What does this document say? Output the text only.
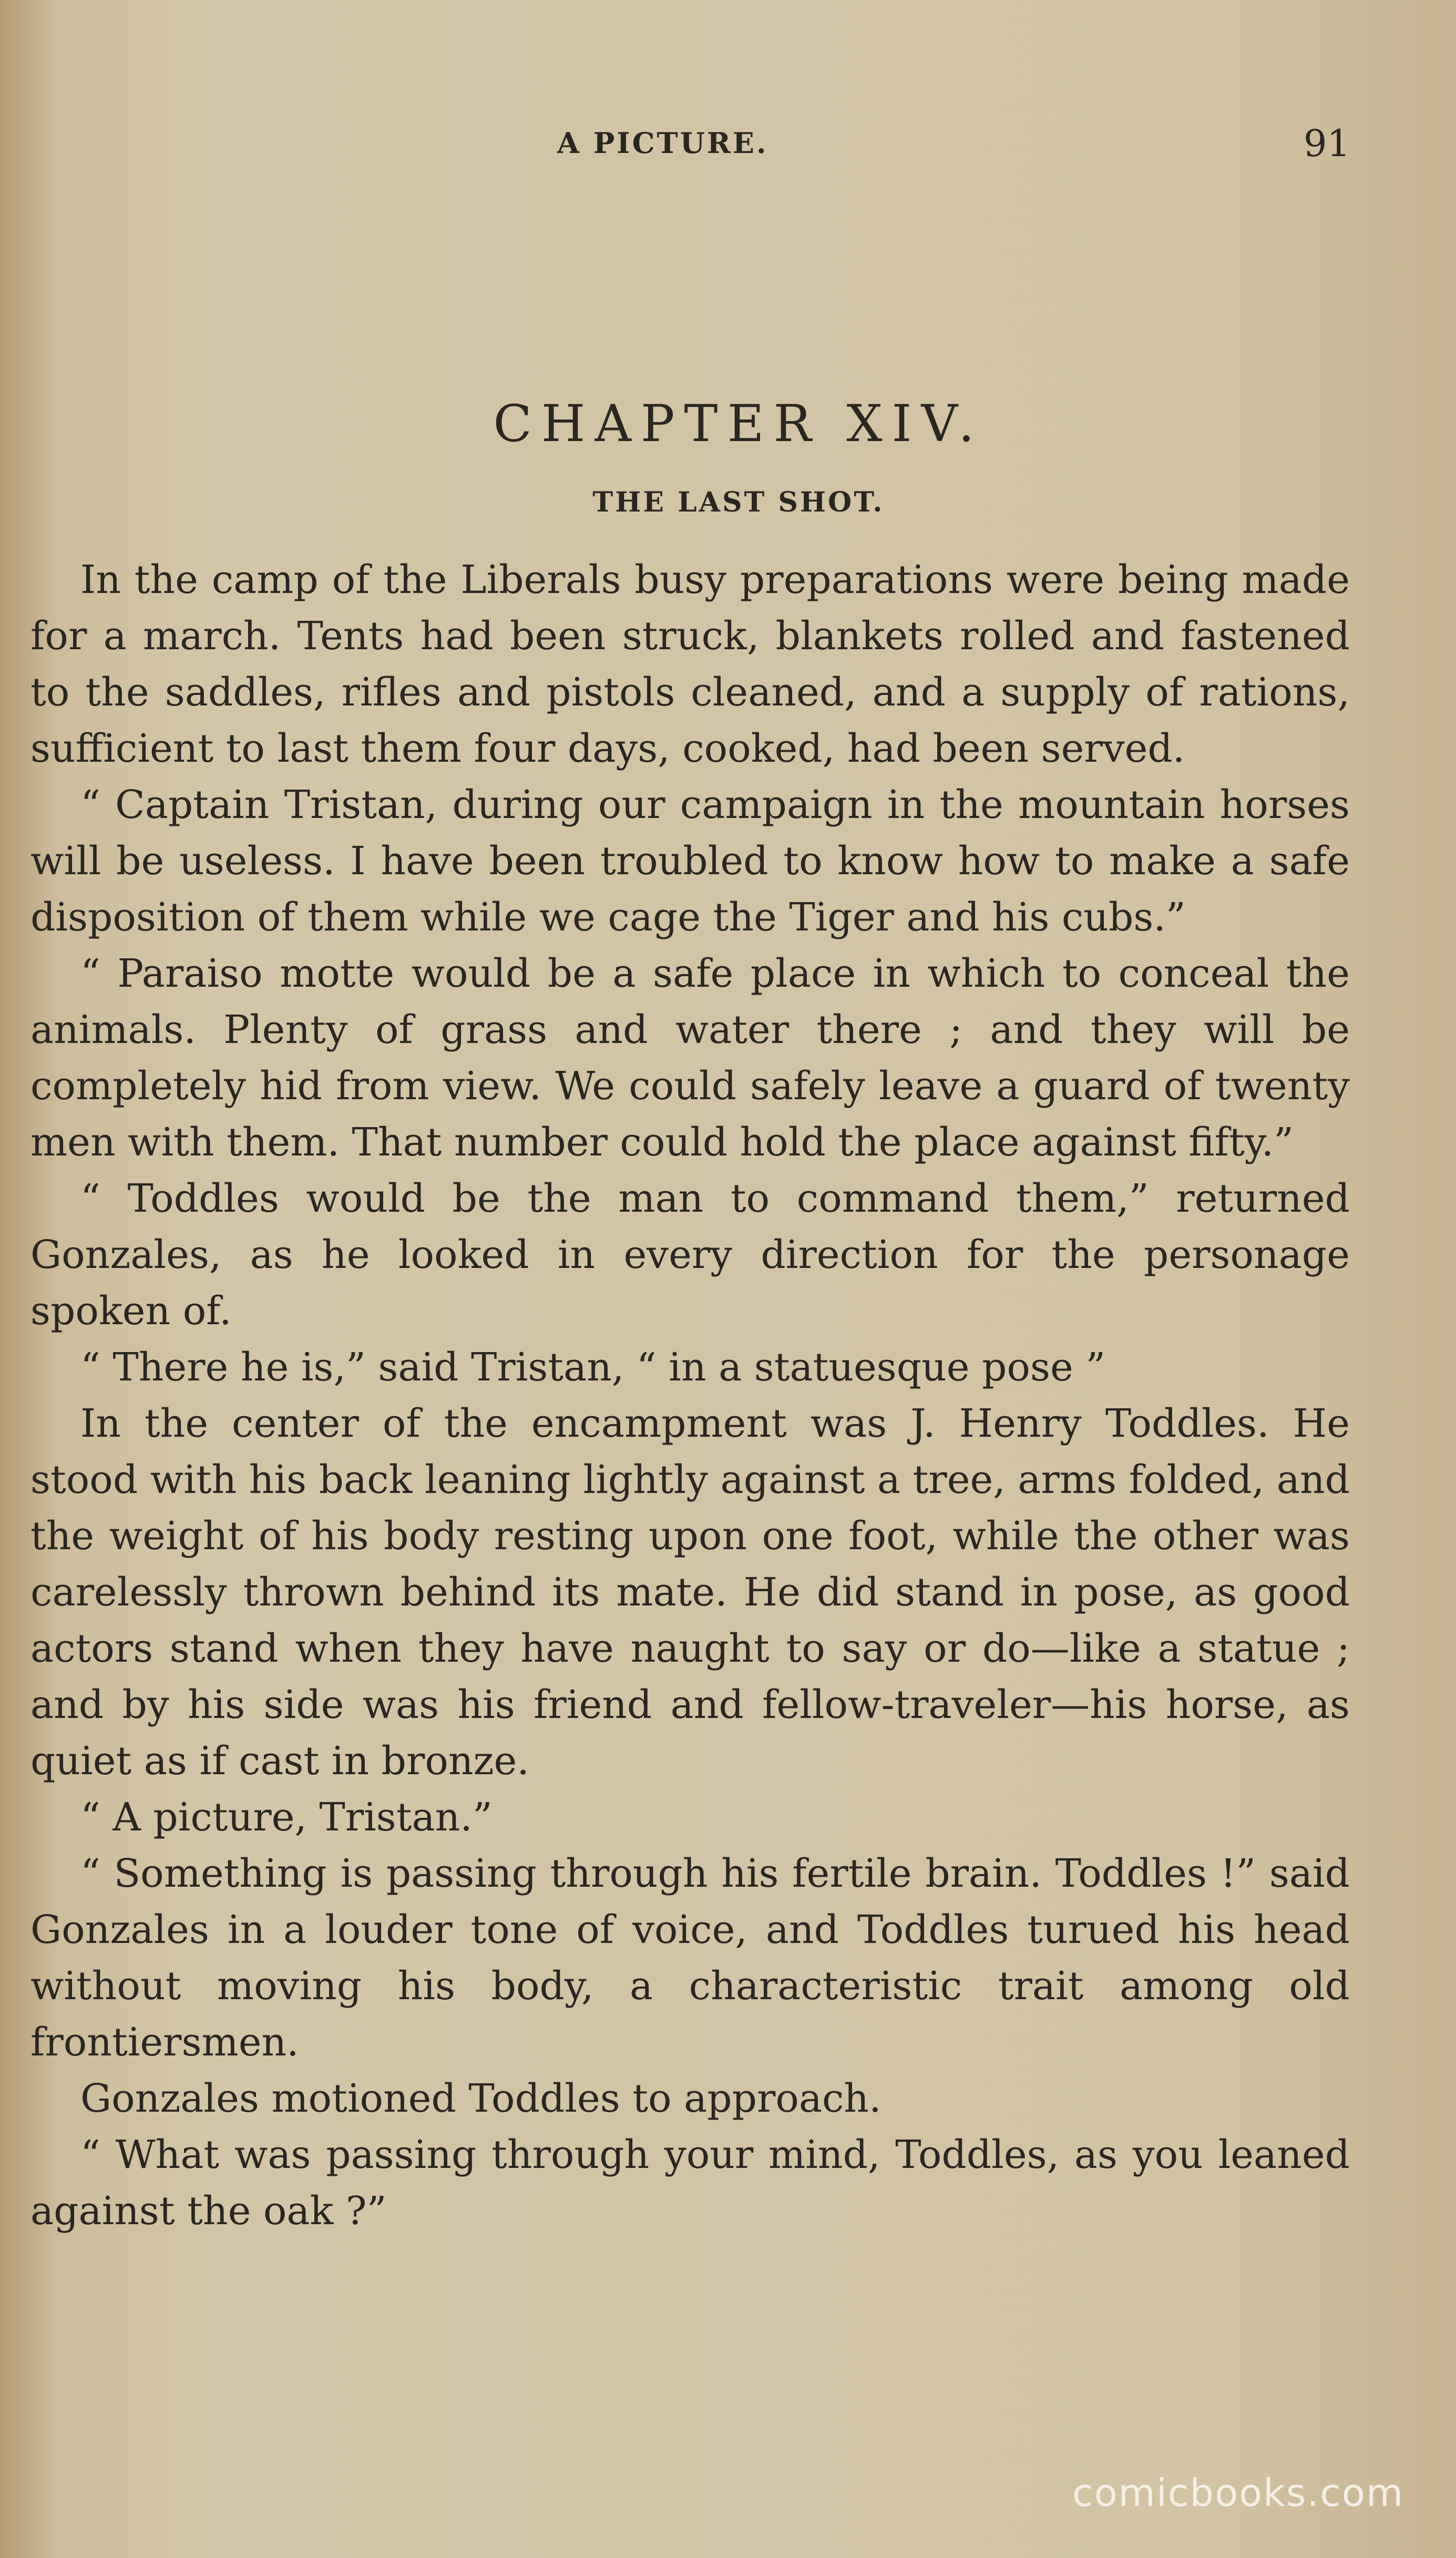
A PICTURE.	91
CHAPTER XIV.
THE LAST SHOT.

In the camp of the Liberals busy preparations were being made for a march. Tents had been struck, blankets rolled and fastened to the saddles, rifles and pistols cleaned, and a supply of rations, sufficient to last them four days, cooked, had been served.

“ Captain Tristan, during our campaign in the mountain horses will be useless. I have been troubled to know how to make a safe disposition of them while we cage the Tiger and his cubs.”

“ Paraiso motte would be a safe place in which to conceal the animals. Plenty of grass and water there ; and they will be completely hid from view. We could safely leave a guard of twenty men with them. That number could hold the place against fifty.”

“ Toddles would be the man to command them,” returned Gonzales, as he looked in every direction for the personage spoken of.

“ There he is,” said Tristan, “ in a statuesque pose ”

In the center of the encampment was J. Henry Toddles. He stood with his back leaning lightly against a tree, arms folded, and the weight of his body resting upon one foot, while the other was carelessly thrown behind its mate. He did stand in pose, as good actors stand when they have naught to say or do—like a statue ; and by his side was his friend and fellow-traveler—his horse, as quiet as if cast in bronze.

“ A picture, Tristan.”

“ Something is passing through his fertile brain. Toddles !” said Gonzales in a louder tone of voice, and Toddles turued his head without moving his body, a characteristic trait among old frontiersmen.

Gonzales motioned Toddles to approach.

“ What was passing through your mind, Toddles, as you leaned against the oak ?”

comicbooks.com
